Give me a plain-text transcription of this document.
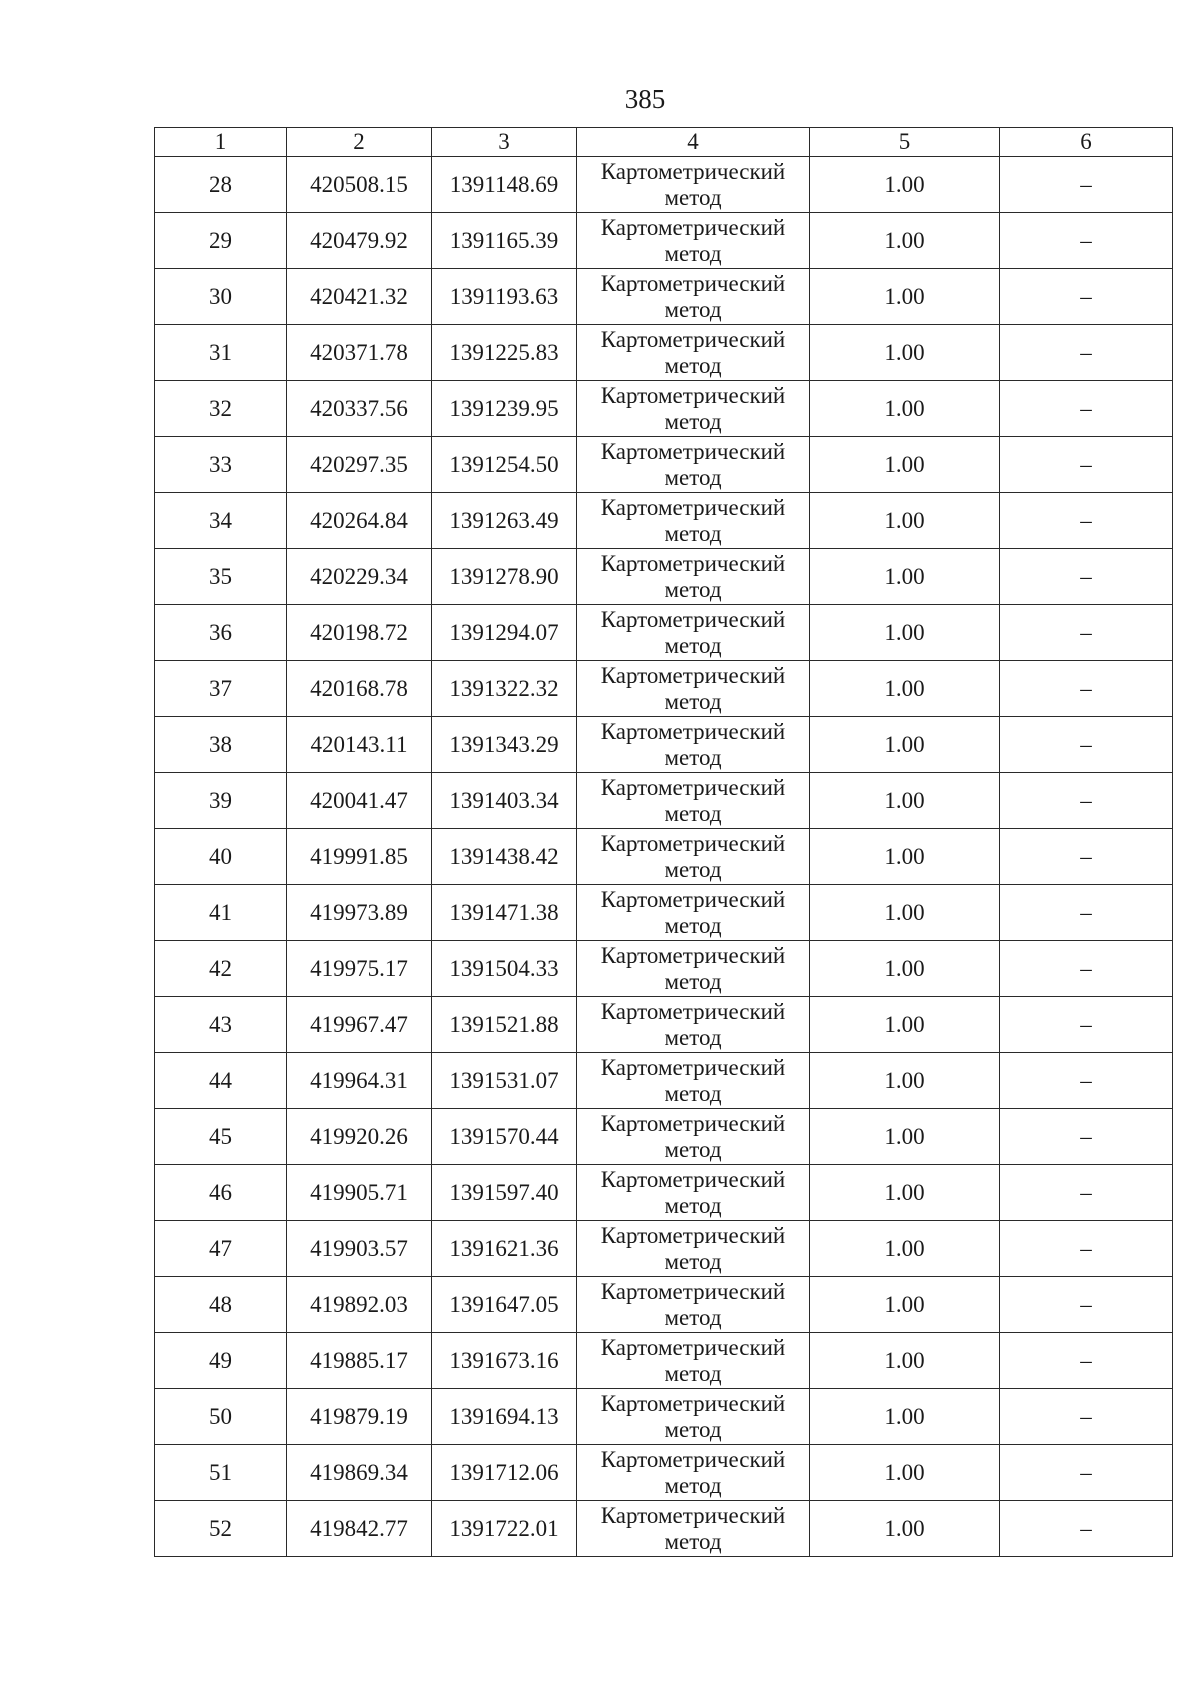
385
1	2	3	4	5	6
28	420508.15	1391148.69	Картометрический
метод	1.00	–
29	420479.92	1391165.39	Картометрический
метод	1.00	–
30	420421.32	1391193.63	Картометрический
метод	1.00	–
31	420371.78	1391225.83	Картометрический
метод	1.00	–
32	420337.56	1391239.95	Картометрический
метод	1.00	–
33	420297.35	1391254.50	Картометрический
метод	1.00	–
34	420264.84	1391263.49	Картометрический
метод	1.00	–
35	420229.34	1391278.90	Картометрический
метод	1.00	–
36	420198.72	1391294.07	Картометрический
метод	1.00	–
37	420168.78	1391322.32	Картометрический
метод	1.00	–
38	420143.11	1391343.29	Картометрический
метод	1.00	–
39	420041.47	1391403.34	Картометрический
метод	1.00	–
40	419991.85	1391438.42	Картометрический
метод	1.00	–
41	419973.89	1391471.38	Картометрический
метод	1.00	–
42	419975.17	1391504.33	Картометрический
метод	1.00	–
43	419967.47	1391521.88	Картометрический
метод	1.00	–
44	419964.31	1391531.07	Картометрический
метод	1.00	–
45	419920.26	1391570.44	Картометрический
метод	1.00	–
46	419905.71	1391597.40	Картометрический
метод	1.00	–
47	419903.57	1391621.36	Картометрический
метод	1.00	–
48	419892.03	1391647.05	Картометрический
метод	1.00	–
49	419885.17	1391673.16	Картометрический
метод	1.00	–
50	419879.19	1391694.13	Картометрический
метод	1.00	–
51	419869.34	1391712.06	Картометрический
метод	1.00	–
52	419842.77	1391722.01	Картометрический
метод	1.00	–
